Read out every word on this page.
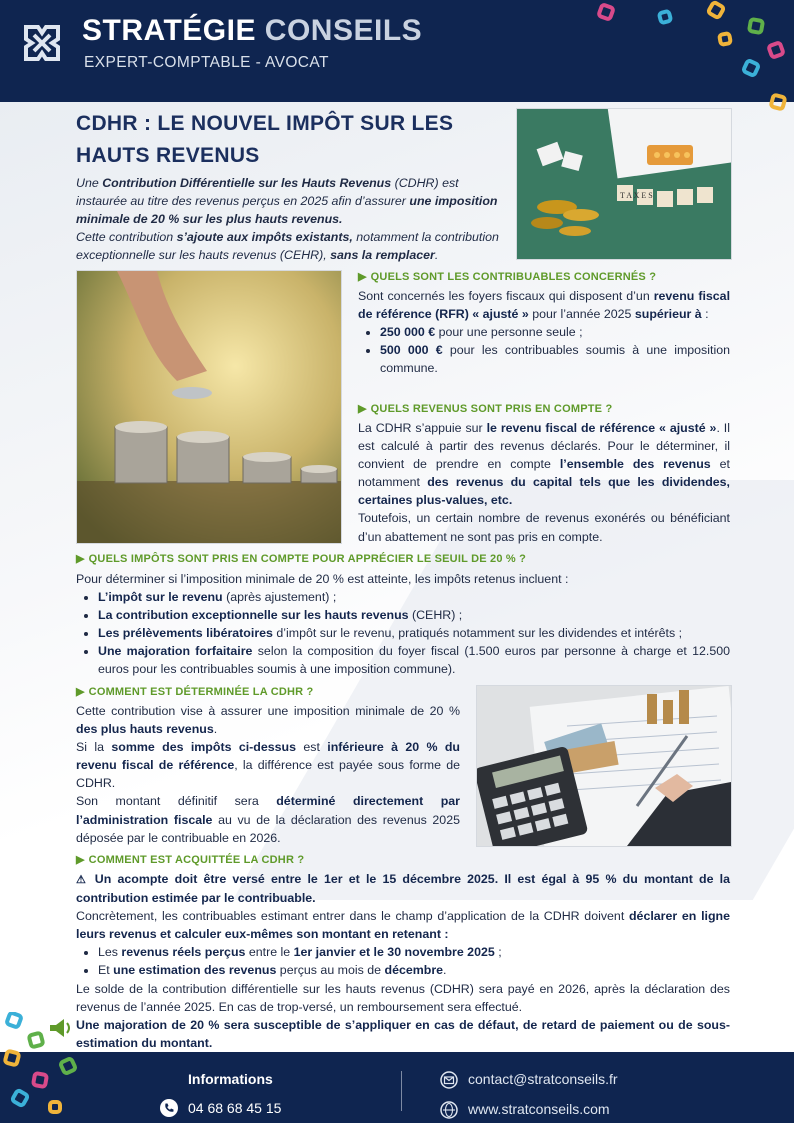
STRATÉGIE CONSEILS
EXPERT-COMPTABLE - AVOCAT
CDHR : LE NOUVEL IMPÔT SUR LES HAUTS REVENUS
Une Contribution Différentielle sur les Hauts Revenus (CDHR) est instaurée au titre des revenus perçus en 2025 afin d’assurer une imposition minimale de 20 % sur les plus hauts revenus.
Cette contribution s’ajoute aux impôts existants, notamment la contribution exceptionnelle sur les hauts revenus (CEHR), sans la remplacer.
T A X E S
▶ QUELS SONT LES CONTRIBUABLES CONCERNÉS ?
Sont concernés les foyers fiscaux qui disposent d’un revenu fiscal de référence (RFR) « ajusté » pour l’année 2025 supérieur à :
• 250 000 € pour une personne seule ;
• 500 000 € pour les contribuables soumis à une imposition commune.
▶ QUELS REVENUS SONT PRIS EN COMPTE ?
La CDHR s’appuie sur le revenu fiscal de référence « ajusté ». Il est calculé à partir des revenus déclarés. Pour le déterminer, il convient de prendre en compte l’ensemble des revenus et notamment des revenus du capital tels que les dividendes, certaines plus-values, etc.
Toutefois, un certain nombre de revenus exonérés ou bénéficiant d’un abattement ne sont pas pris en compte.
▶ QUELS IMPÔTS SONT PRIS EN COMPTE POUR APPRÉCIER LE SEUIL DE 20 % ?
Pour déterminer si l’imposition minimale de 20 % est atteinte, les impôts retenus incluent :
• L’impôt sur le revenu (après ajustement) ;
• La contribution exceptionnelle sur les hauts revenus (CEHR) ;
• Les prélèvements libératoires d’impôt sur le revenu, pratiqués notamment sur les dividendes et intérêts ;
• Une majoration forfaitaire selon la composition du foyer fiscal (1.500 euros par personne à charge et 12.500 euros pour les contribuables soumis à une imposition commune).
▶ COMMENT EST DÉTERMINÉE LA CDHR ?
Cette contribution vise à assurer une imposition minimale de 20 % des plus hauts revenus.
Si la somme des impôts ci-dessus est inférieure à 20 % du revenu fiscal de référence, la différence est payée sous forme de CDHR.
Son montant définitif sera déterminé directement par l’administration fiscale au vu de la déclaration des revenus 2025 déposée par le contribuable en 2026.
▶ COMMENT EST ACQUITTÉE LA CDHR ?
⚠ Un acompte doit être versé entre le 1er et le 15 décembre 2025. Il est égal à 95 % du montant de la contribution estimée par le contribuable.
Concrètement, les contribuables estimant entrer dans le champ d’application de la CDHR doivent déclarer en ligne leurs revenus et calculer eux-mêmes son montant en retenant :
• Les revenus réels perçus entre le 1er janvier et le 30 novembre 2025 ;
• Et une estimation des revenus perçus au mois de décembre.
Le solde de la contribution différentielle sur les hauts revenus (CDHR) sera payé en 2026, après la déclaration des revenus de l’année 2025. En cas de trop-versé, un remboursement sera effectué.
Une majoration de 20 % sera susceptible de s’appliquer en cas de défaut, de retard de paiement ou de sous-estimation du montant.
Informations
04 68 68 45 15
contact@stratconseils.fr
www.stratconseils.com
